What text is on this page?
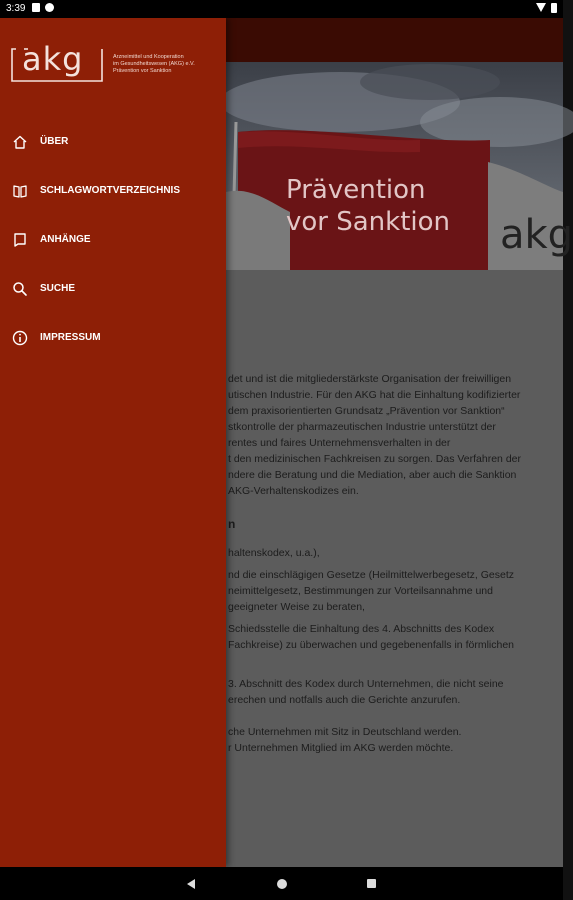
3:39
Prävention
vor Sanktion akg

det und ist die mitgliederstärkste Organisation der freiwilligen

utischen Industrie. Für den AKG hat die Einhaltung kodifizierter

dem praxisorientierten Grundsatz „Prävention vor Sanktion“

stkontrolle der pharmazeutischen Industrie unterstützt der

rentes und faires Unternehmensverhalten in der

t den medizinischen Fachkreisen zu sorgen. Das Verfahren der

ndere die Beratung und die Mediation, aber auch die Sanktion

AKG-Verhaltenskodizes ein.

n

haltenskodex, u.a.),

nd die einschlägigen Gesetze (Heilmittelwerbegesetz, Gesetz

neimittelgesetz, Bestimmungen zur Vorteilsannahme und

geeigneter Weise zu beraten,

Schiedsstelle die Einhaltung des 4. Abschnitts des Kodex

Fachkreise) zu überwachen und gegebenenfalls in förmlichen

3. Abschnitt des Kodex durch Unternehmen, die nicht seine

erechen und notfalls auch die Gerichte anzurufen.

che Unternehmen mit Sitz in Deutschland werden.

r Unternehmen Mitglied im AKG werden möchte.

akg	Arzneimittel und Kooperation
im Gesundheitswesen (AKG) e.V.
Prävention vor Sanktion
ÜBER
SCHLAGWORTVERZEICHNIS
ANHÄNGE
SUCHE
IMPRESSUM
